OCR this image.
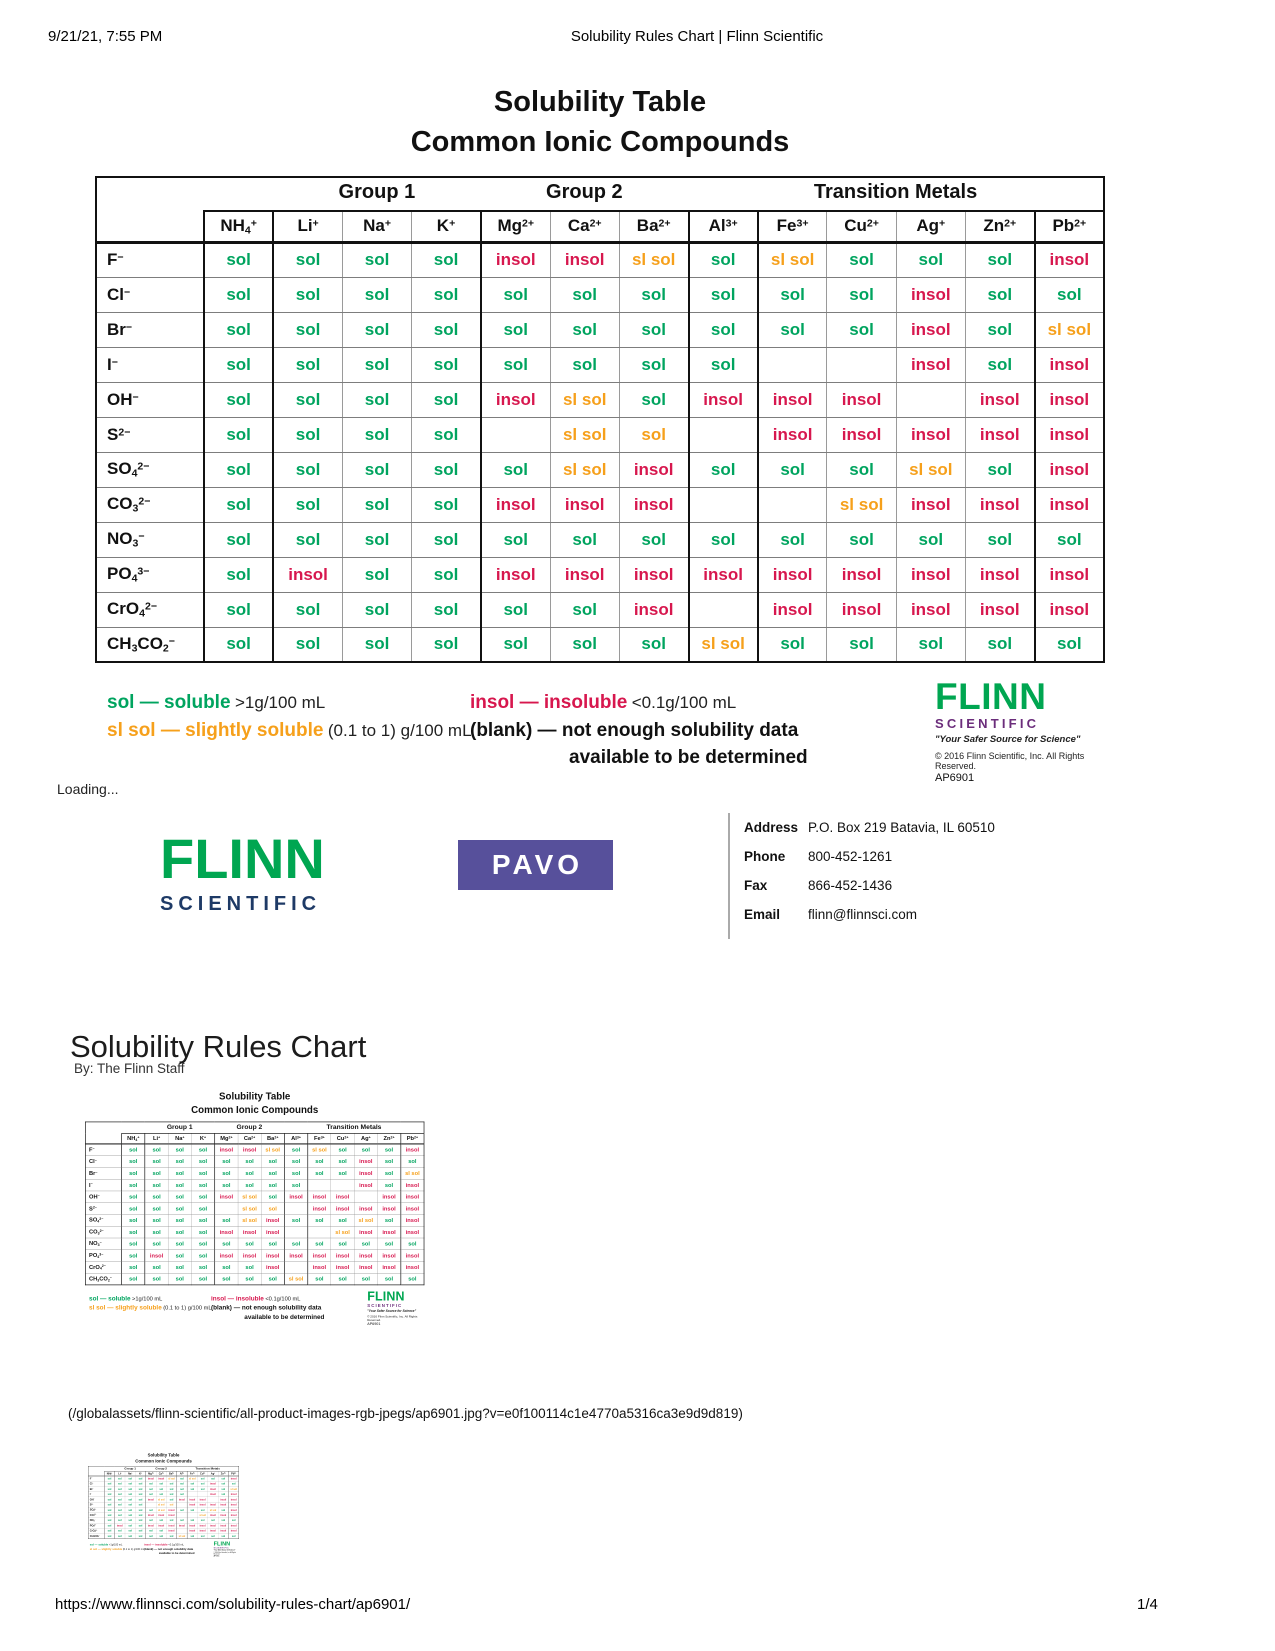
9/21/21, 7:55 PM	Solubility Rules Chart | Flinn Scientific
https://www.flinnsci.com/solubility-rules-chart/ap6901/	1/4
Solubility Table
Common Ionic Compounds

	Group 1 Group 2 Transition Metals												

	$NH_4^+$	Li+	Na+	K+	$Mg^{2+}$	$Ca^{2+}$	$Ba^{2+}$	$Al^{3+}$	$Fe^{3+}$	$Cu^{2+}$	Ag+	$Zn^{2+}$	$Pb^{2+}$
F−	sol	sol	sol	sol	insol	insol	sl sol	sol	sl sol	sol	sol	sol	insol
Cl−	sol	sol	sol	sol	sol	sol	sol	sol	sol	sol	insol	sol	sol
Br−	sol	sol	sol	sol	sol	sol	sol	sol	sol	sol	insol	sol	sl sol
I−	sol	sol	sol	sol	sol	sol	sol	sol			insol	sol	insol
OH−	sol	sol	sol	sol	insol	sl sol	sol	insol	insol	insol		insol	insol
$S^{2-}$	sol	sol	sol	sol		sl sol	sol		insol	insol	insol	insol	insol
$SO_4^{2-}$	sol	sol	sol	sol	sol	sl sol	insol	sol	sol	sol	sl sol	sol	insol
$CO_3^{2-}$	sol	sol	sol	sol	insol	insol	insol			sl sol	insol	insol	insol
$NO_3^-$	sol	sol	sol	sol	sol	sol	sol	sol	sol	sol	sol	sol	sol
$PO_4^{3-}$	sol	insol	sol	sol	insol	insol	insol	insol	insol	insol	insol	insol	insol
CrO$_4^{2-}$	sol	sol	sol	sol	sol	sol	insol		insol	insol	insol	insol	insol
$CH_3CO_2^-$	sol	sol	sol	sol	sol	sol	sol	sl sol	sol	sol	sol	sol	sol
sol — soluble >1g/100 mL
sl sol — slightly soluble (0.1 to 1) g/100 mL
insol — insoluble <0.1g/100 mL
(blank) — not enough solubility data
available to be determined
FLINN
SCIENTIFIC
"Your Safer Source for Science"
© 2016 Flinn Scientific, Inc. All Rights Reserved.
AP6901
Loading...
FLINN
SCIENTIFIC
PAVO
Address P.O. Box 219 Batavia, IL 60510
Phone 800-452-1261
Fax	866-452-1436
Email flinn@flinnsci.com
Solubility Rules Chart
By: The Flinn Staff
Solubility Table
Common Ionic Compounds

	Group 1 Group 2 Transition Metals												

	$NH_4^+$	Li+	Na+	K+	$Mg^{2+}$	$Ca^{2+}$	$Ba^{2+}$	$Al^{3+}$	$Fe^{3+}$	$Cu^{2+}$	Ag+	$Zn^{2+}$	$Pb^{2+}$
F−	sol	sol	sol	sol	insol	insol	sl sol	sol	sl sol	sol	sol	sol	insol
Cl−	sol	sol	sol	sol	sol	sol	sol	sol	sol	sol	insol	sol	sol
Br−	sol	sol	sol	sol	sol	sol	sol	sol	sol	sol	insol	sol	sl sol
I−	sol	sol	sol	sol	sol	sol	sol	sol			insol	sol	insol
OH−	sol	sol	sol	sol	insol	sl sol	sol	insol	insol	insol		insol	insol
$S^{2-}$	sol	sol	sol	sol		sl sol	sol		insol	insol	insol	insol	insol
$SO_4^{2-}$	sol	sol	sol	sol	sol	sl sol	insol	sol	sol	sol	sl sol	sol	insol
$CO_3^{2-}$	sol	sol	sol	sol	insol	insol	insol			sl sol	insol	insol	insol
$NO_3^-$	sol	sol	sol	sol	sol	sol	sol	sol	sol	sol	sol	sol	sol
$PO_4^{3-}$	sol	insol	sol	sol	insol	insol	insol	insol	insol	insol	insol	insol	insol
CrO$_4^{2-}$	sol	sol	sol	sol	sol	sol	insol		insol	insol	insol	insol	insol
$CH_3CO_2^-$	sol	sol	sol	sol	sol	sol	sol	sl sol	sol	sol	sol	sol	sol
sol — soluble >1g/100 mL
sl sol — slightly soluble (0.1 to 1) g/100 mL
insol — insoluble <0.1g/100 mL
(blank) — not enough solubility data
available to be determined
FLINN
SCIENTIFIC
"Your Safer Source for Science"
© 2016 Flinn Scientific, Inc. All Rights Reserved.
AP6901
(/globalassets/flinn-scientific/all-product-images-rgb-jpegs/ap6901.jpg?v=e0f100114c1e4770a5316ca3e9d9d819)
Solubility Table
Common Ionic Compounds

	Group 1 Group 2 Transition Metals												

	$NH_4^+$	Li+	Na+	K+	$Mg^{2+}$	$Ca^{2+}$	$Ba^{2+}$	$Al^{3+}$	$Fe^{3+}$	$Cu^{2+}$	Ag+	$Zn^{2+}$	$Pb^{2+}$
F−	sol	sol	sol	sol	insol	insol	sl sol	sol	sl sol	sol	sol	sol	insol
Cl−	sol	sol	sol	sol	sol	sol	sol	sol	sol	sol	insol	sol	sol
Br−	sol	sol	sol	sol	sol	sol	sol	sol	sol	sol	insol	sol	sl sol
I−	sol	sol	sol	sol	sol	sol	sol	sol			insol	sol	insol
OH−	sol	sol	sol	sol	insol	sl sol	sol	insol	insol	insol		insol	insol
$S^{2-}$	sol	sol	sol	sol		sl sol	sol		insol	insol	insol	insol	insol
$SO_4^{2-}$	sol	sol	sol	sol	sol	sl sol	insol	sol	sol	sol	sl sol	sol	insol
$CO_3^{2-}$	sol	sol	sol	sol	insol	insol	insol			sl sol	insol	insol	insol
$NO_3^-$	sol	sol	sol	sol	sol	sol	sol	sol	sol	sol	sol	sol	sol
$PO_4^{3-}$	sol	insol	sol	sol	insol	insol	insol	insol	insol	insol	insol	insol	insol
CrO$_4^{2-}$	sol	sol	sol	sol	sol	sol	insol		insol	insol	insol	insol	insol
$CH_3CO_2^-$	sol	sol	sol	sol	sol	sol	sol	sl sol	sol	sol	sol	sol	sol
sol — soluble >1g/100 mL
sl sol — slightly soluble (0.1 to 1) g/100 mL
insol — insoluble <0.1g/100 mL
(blank) — not enough solubility data
available to be determined
FLINN
SCIENTIFIC
"Your Safer Source for Science"
© 2016 Flinn Scientific, Inc. All Rights Reserved.
AP6901
